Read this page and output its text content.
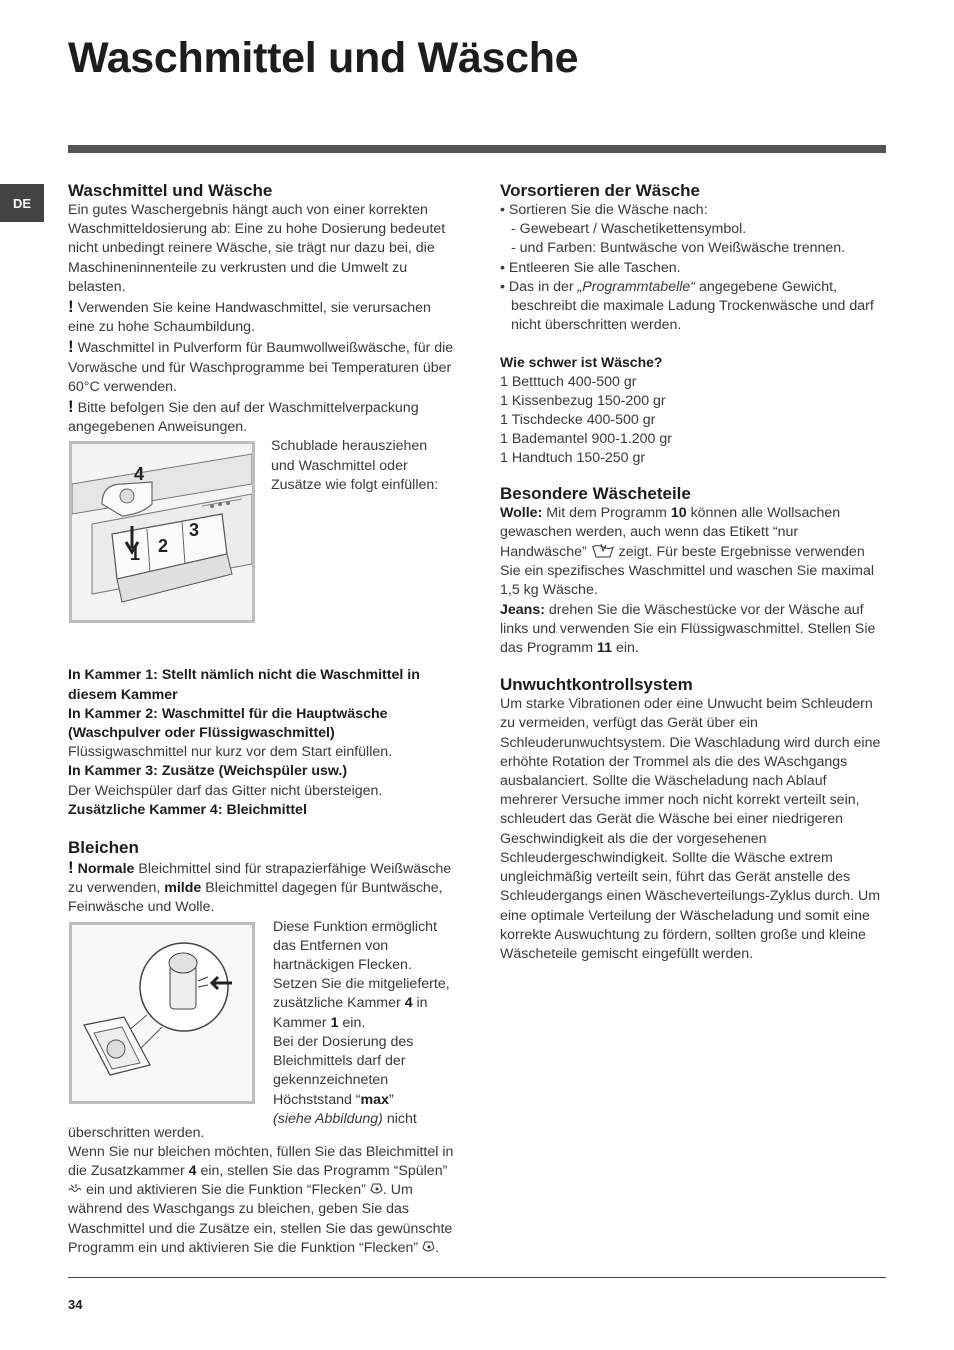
Waschmittel und Wäsche
DE
Waschmittel und Wäsche

Ein gutes Waschergebnis hängt auch von einer korrekten Waschmitteldosierung ab: Eine zu hohe Dosierung bedeutet nicht unbedingt reinere Wäsche, sie trägt nur dazu bei, die Maschineninnenteile zu verkrusten und die Umwelt zu belasten.

! Verwenden Sie keine Handwaschmittel, sie verursachen eine zu hohe Schaumbildung.

! Waschmittel in Pulverform für Baumwollweißwäsche, für die Vorwäsche und für Waschprogramme bei Temperaturen über 60°C verwenden.

! Bitte befolgen Sie den auf der Waschmittelverpackung angegebenen Anweisungen.

4
1 2
3

Schublade herausziehen und Waschmittel oder Zusätze wie folgt einfüllen:

In Kammer 1: Stellt nämlich nicht die Waschmittel in diesem Kammer

In Kammer 2: Waschmittel für die Hauptwäsche (Waschpulver oder Flüssigwaschmittel)

Flüssigwaschmittel nur kurz vor dem Start einfüllen.

In Kammer 3: Zusätze (Weichspüler usw.)

Der Weichspüler darf das Gitter nicht übersteigen.

Zusätzliche Kammer 4: Bleichmittel

Bleichen

! Normale Bleichmittel sind für strapazierfähige Weißwäsche zu verwenden, milde Bleichmittel dagegen für Buntwäsche, Feinwäsche und Wolle.

Diese Funktion ermöglicht das Entfernen von hartnäckigen Flecken. Setzen Sie die mitgelieferte, zusätzliche Kammer 4 in Kammer 1 ein.
Bei der Dosierung des Bleichmittels darf der gekennzeichneten Höchststand “max”
(siehe Abbildung) nicht

überschritten werden.

Wenn Sie nur bleichen möchten, füllen Sie das Bleichmittel in die Zusatzkammer 4 ein, stellen Sie das Programm “Spülen”  ein und aktivieren Sie die Funktion “Flecken” . Um während des Waschgangs zu bleichen, geben Sie das Waschmittel und die Zusätze ein, stellen Sie das gewünschte Programm ein und aktivieren Sie die Funktion “Flecken” .

Vorsortieren der Wäsche

• Sortieren Sie die Wäsche nach:

- Gewebeart / Waschetikettensymbol.

- und Farben: Buntwäsche von Weißwäsche trennen.

• Entleeren Sie alle Taschen.

• Das in der „Programmtabelle“ angegebene Gewicht, beschreibt die maximale Ladung Trockenwäsche und darf nicht überschritten werden.

Wie schwer ist Wäsche?

1 Betttuch 400-500 gr

1 Kissenbezug 150-200 gr

1 Tischdecke 400-500 gr

1 Bademantel 900-1.200 gr

1 Handtuch 150-250 gr

Besondere Wäscheteile

Wolle: Mit dem Programm 10 können alle Wollsachen gewaschen werden, auch wenn das Etikett “nur Handwäsche” zeigt. Für beste Ergebnisse verwenden Sie ein spezifisches Waschmittel und waschen Sie maximal 1,5 kg Wäsche.

Jeans: drehen Sie die Wäschestücke vor der Wäsche auf links und verwenden Sie ein Flüssigwaschmittel. Stellen Sie das Programm 11 ein.

Unwuchtkontrollsystem

Um starke Vibrationen oder eine Unwucht beim Schleudern zu vermeiden, verfügt das Gerät über ein Schleuderunwuchtsystem. Die Waschladung wird durch eine erhöhte Rotation der Trommel als die des WAschgangs ausbalanciert. Sollte die Wäscheladung nach Ablauf mehrerer Versuche immer noch nicht korrekt verteilt sein, schleudert das Gerät die Wäsche bei einer niedrigeren Geschwindigkeit als die der vorgesehenen Schleudergeschwindigkeit. Sollte die Wäsche extrem ungleichmäßig verteilt sein, führt das Gerät anstelle des Schleudergangs einen Wäscheverteilungs-Zyklus durch. Um eine optimale Verteilung der Wäscheladung und somit eine korrekte Auswuchtung zu fördern, sollten große und kleine Wäscheteile gemischt eingefüllt werden.

34
